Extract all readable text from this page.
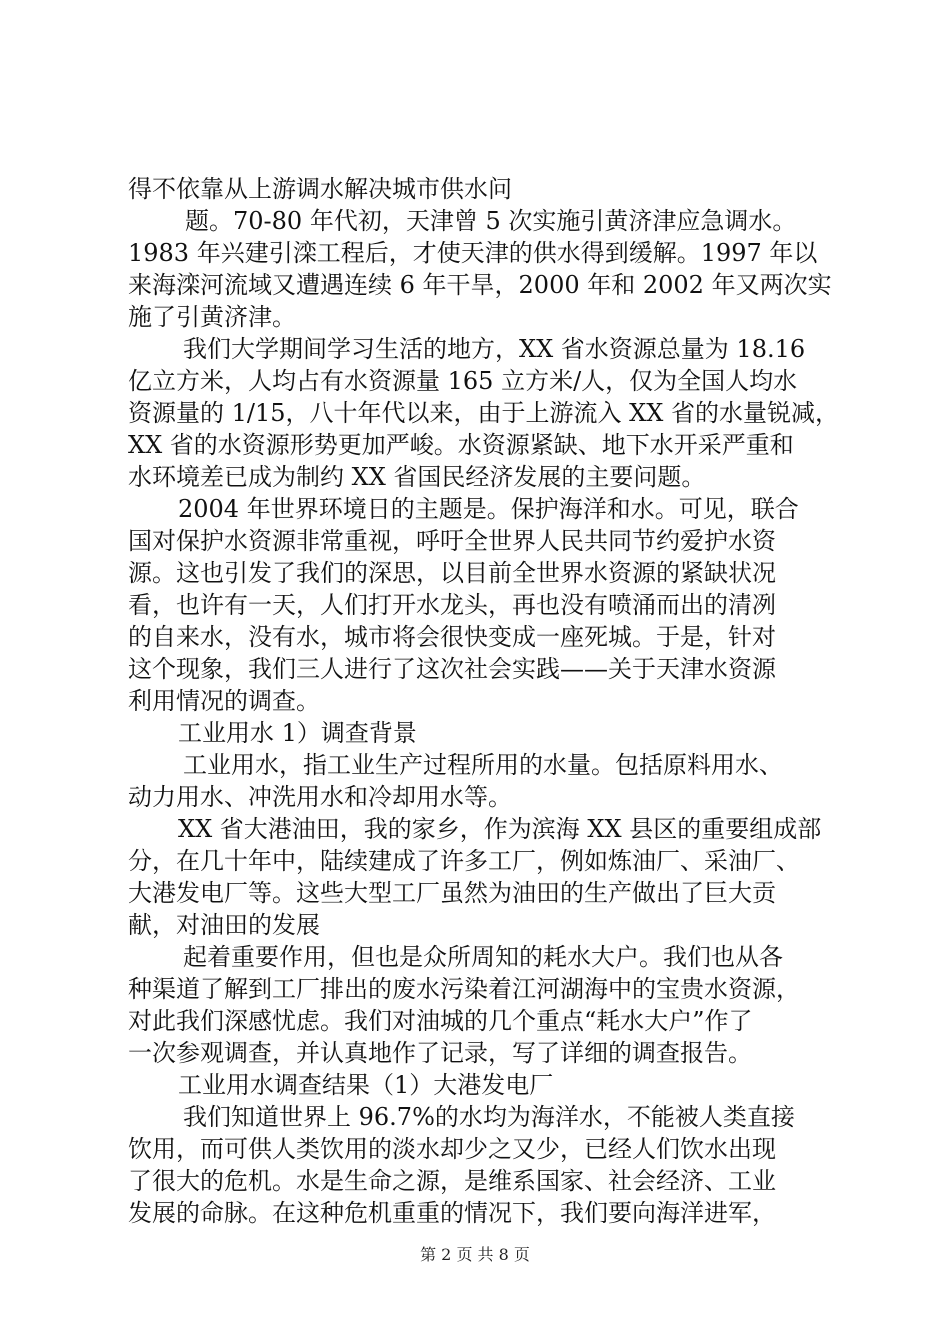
得不依靠从上游调水解决城市供水问
题。70-80 年代初，天津曾 5 次实施引黄济津应急调水。
1983 年兴建引滦工程后，才使天津的供水得到缓解。1997 年以
来海滦河流域又遭遇连续 6 年干旱，2000 年和 2002 年又两次实
施了引黄济津。
我们大学期间学习生活的地方，XX 省水资源总量为 18.16
亿立方米，人均占有水资源量 165 立方米/人，仅为全国人均水
资源量的 1/15，八十年代以来，由于上游流入 XX 省的水量锐减，
XX 省的水资源形势更加严峻。水资源紧缺、地下水开采严重和
水环境差已成为制约 XX 省国民经济发展的主要问题。
2004 年世界环境日的主题是。保护海洋和水。可见，联合
国对保护水资源非常重视，呼吁全世界人民共同节约爱护水资
源。这也引发了我们的深思，以目前全世界水资源的紧缺状况
看，也许有一天，人们打开水龙头，再也没有喷涌而出的清冽
的自来水，没有水，城市将会很快变成一座死城。于是，针对
这个现象，我们三人进行了这次社会实践——关于天津水资源
利用情况的调查。
工业用水 1）调查背景
工业用水，指工业生产过程所用的水量。包括原料用水、
动力用水、冲洗用水和冷却用水等。
XX 省大港油田，我的家乡，作为滨海 XX 县区的重要组成部
分，在几十年中，陆续建成了许多工厂，例如炼油厂、采油厂、
大港发电厂等。这些大型工厂虽然为油田的生产做出了巨大贡
献，对油田的发展
起着重要作用，但也是众所周知的耗水大户。我们也从各
种渠道了解到工厂排出的废水污染着江河湖海中的宝贵水资源，
对此我们深感忧虑。我们对油城的几个重点“耗水大户”作了
一次参观调查，并认真地作了记录，写了详细的调查报告。
工业用水调查结果（1）大港发电厂
我们知道世界上 96.7%的水均为海洋水，不能被人类直接
饮用，而可供人类饮用的淡水却少之又少，已经人们饮水出现
了很大的危机。水是生命之源，是维系国家、社会经济、工业
发展的命脉。在这种危机重重的情况下，我们要向海洋进军，
第 2 页 共 8 页
